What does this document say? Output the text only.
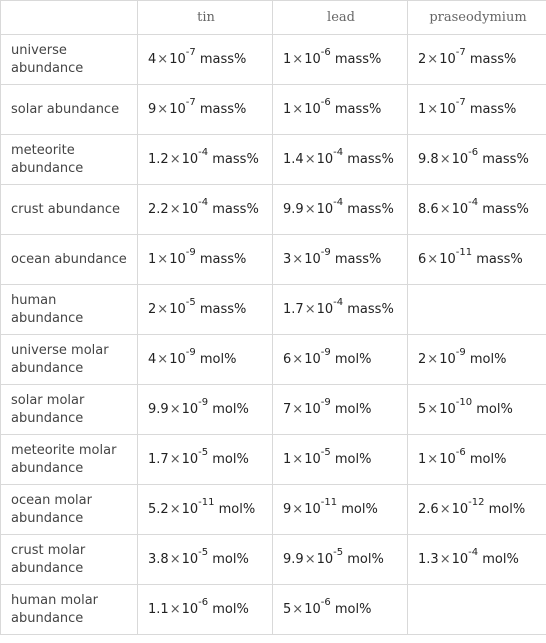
	tin	lead	praseodymium
universe abundance	$4\times 10^{-7}$ mass%	$1\times 10^{-6}$ mass%	$2\times 10^{-7}$ mass%
solar abundance	$9\times 10^{-7}$ mass%	$1\times 10^{-6}$ mass%	$1\times 10^{-7}$ mass%
meteorite abundance	$1.2\times 10^{-4}$ mass%	$1.4\times 10^{-4}$ mass%	$9.8\times 10^{-6}$ mass%
crust abundance	$2.2\times 10^{-4}$ mass%	$9.9\times 10^{-4}$ mass%	$8.6\times 10^{-4}$ mass%
ocean abundance	$1\times 10^{-9}$ mass%	$3\times 10^{-9}$ mass%	$6\times 10^{-11}$ mass%
human abundance	$2\times 10^{-5}$ mass%	$1.7\times 10^{-4}$ mass%	
universe molar abundance	$4\times 10^{-9}$ mol%	$6\times 10^{-9}$ mol%	$2\times 10^{-9}$ mol%
solar molar abundance	$9.9\times 10^{-9}$ mol%	$7\times 10^{-9}$ mol%	$5\times 10^{-10}$ mol%
meteorite molar abundance	$1.7\times 10^{-5}$ mol%	$1\times 10^{-5}$ mol%	$1\times 10^{-6}$ mol%
ocean molar abundance	$5.2\times 10^{-11}$ mol%	$9\times 10^{-11}$ mol%	$2.6\times 10^{-12}$ mol%
crust molar abundance	$3.8\times 10^{-5}$ mol%	$9.9\times 10^{-5}$ mol%	$1.3\times 10^{-4}$ mol%
human molar abundance	$1.1\times 10^{-6}$ mol%	$5\times 10^{-6}$ mol%	
